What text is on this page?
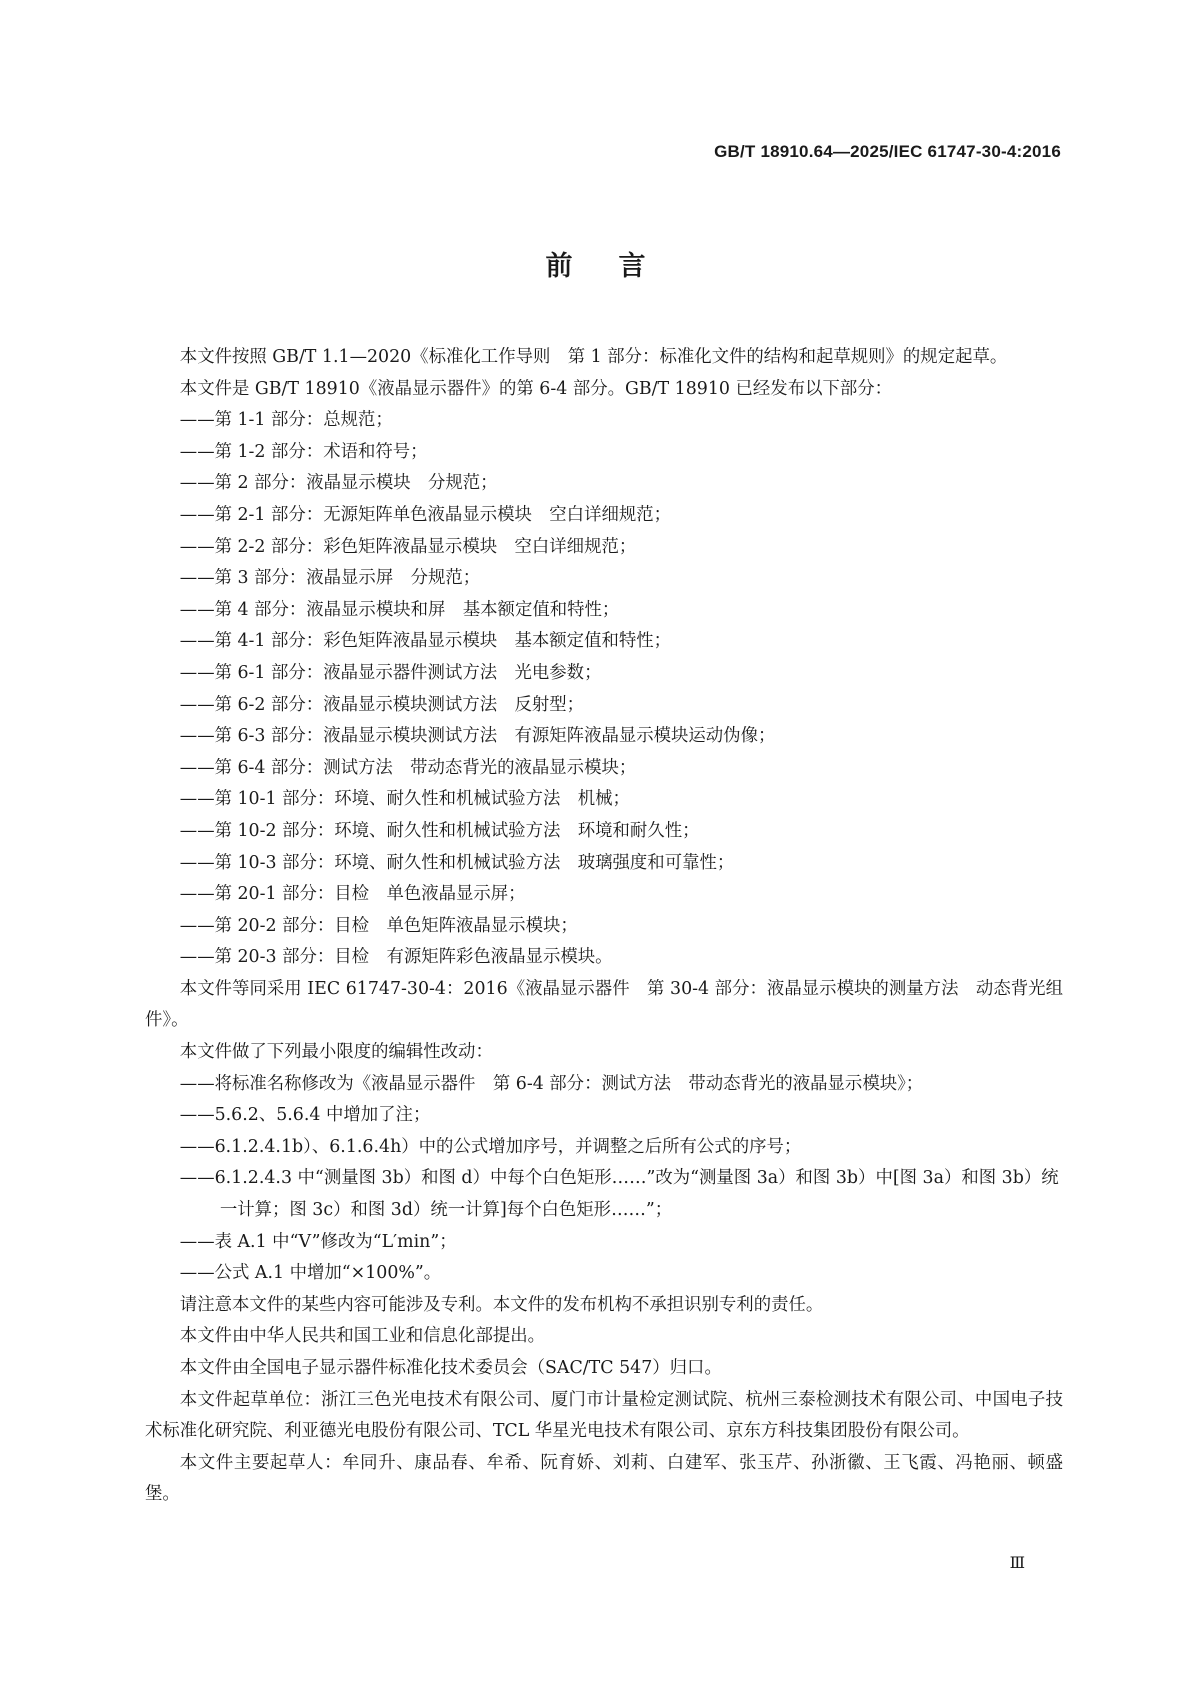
GB/T 18910.64—2025/IEC 61747-30-4:2016
前言

本文件按照 GB/T 1.1—2020《标准化工作导则　第 1 部分：标准化文件的结构和起草规则》的规定起草。

本文件是 GB/T 18910《液晶显示器件》的第 6-4 部分。GB/T 18910 已经发布以下部分：

——第 1-1 部分：总规范；

——第 1-2 部分：术语和符号；

——第 2 部分：液晶显示模块　分规范；

——第 2-1 部分：无源矩阵单色液晶显示模块　空白详细规范；

——第 2-2 部分：彩色矩阵液晶显示模块　空白详细规范；

——第 3 部分：液晶显示屏　分规范；

——第 4 部分：液晶显示模块和屏　基本额定值和特性；

——第 4-1 部分：彩色矩阵液晶显示模块　基本额定值和特性；

——第 6-1 部分：液晶显示器件测试方法　光电参数；

——第 6-2 部分：液晶显示模块测试方法　反射型；

——第 6-3 部分：液晶显示模块测试方法　有源矩阵液晶显示模块运动伪像；

——第 6-4 部分：测试方法　带动态背光的液晶显示模块；

——第 10-1 部分：环境、耐久性和机械试验方法　机械；

——第 10-2 部分：环境、耐久性和机械试验方法　环境和耐久性；

——第 10-3 部分：环境、耐久性和机械试验方法　玻璃强度和可靠性；

——第 20-1 部分：目检　单色液晶显示屏；

——第 20-2 部分：目检　单色矩阵液晶显示模块；

——第 20-3 部分：目检　有源矩阵彩色液晶显示模块。

本文件等同采用 IEC 61747-30-4：2016《液晶显示器件　第 30-4 部分：液晶显示模块的测量方法　动态背光组件》。

本文件做了下列最小限度的编辑性改动：

——将标准名称修改为《液晶显示器件　第 6-4 部分：测试方法　带动态背光的液晶显示模块》；

——5.6.2、5.6.4 中增加了注；

——6.1.2.4.1b）、6.1.6.4h）中的公式增加序号，并调整之后所有公式的序号；

——6.1.2.4.3 中“测量图 3b）和图 d）中每个白色矩形……”改为“测量图 3a）和图 3b）中[图 3a）和图 3b）统一计算；图 3c）和图 3d）统一计算]每个白色矩形……”；

——表 A.1 中“V”修改为“L′min”；

——公式 A.1 中增加“×100%”。

请注意本文件的某些内容可能涉及专利。本文件的发布机构不承担识别专利的责任。

本文件由中华人民共和国工业和信息化部提出。

本文件由全国电子显示器件标准化技术委员会（SAC/TC 547）归口。

本文件起草单位：浙江三色光电技术有限公司、厦门市计量检定测试院、杭州三泰检测技术有限公司、中国电子技术标准化研究院、利亚德光电股份有限公司、TCL 华星光电技术有限公司、京东方科技集团股份有限公司。

本文件主要起草人：牟同升、康品春、牟希、阮育娇、刘莉、白建军、张玉芹、孙浙徽、王飞霞、冯艳丽、顿盛堡。

Ⅲ
